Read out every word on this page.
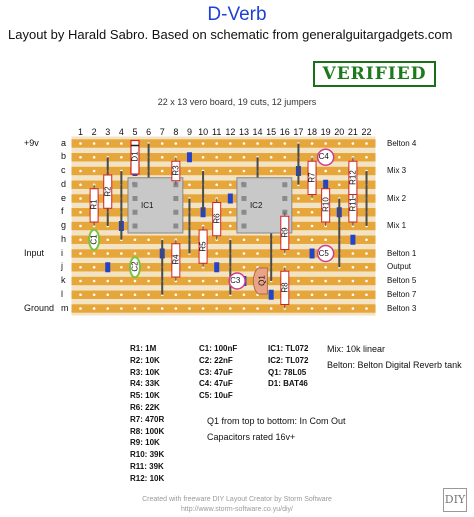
D-Verb
Layout by Harald Sabro. Based on schematic from generalguitargadgets.com
VERIFIED
22 x 13 vero board, 19 cuts, 12 jumpers
1 2 3 4 5 6 7 8 9 10 11 12 13 14 15 16 17 18 19 20 21 22
a
b
c
d
e
f
g
h
i
j
k
l
m
+9v
Input
Ground
Belton 4
Mix 3
Mix 2
Mix 1
Belton 1
Output
Belton 5
Belton 7
Belton 3
IC1	IC2
R1
R2
R3
R4
R5
R6
R7
R8
R9
R10 R11
R12
D1
C1
C2
C3
C4
C5
Q1
R1: 1M
R2: 10K
R3: 10K
R4: 33K
R5: 10K
R6: 22K
R7: 470R
R8: 100K
R9: 10K
R10: 39K
R11: 39K
R12: 10K
C1: 100nF
C2: 22nF
C3: 47uF
C4: 47uF
C5: 10uF
IC1: TL072
IC2: TL072
Q1: 78L05
D1: BAT46
Mix: 10k linear
Belton: Belton Digital Reverb tank
Q1 from top to bottom: In Com Out
Capacitors rated 16v+
Created with freeware DIY Layout Creator by Storm Software
http://www.storm-software.co.yu/diy/
DIY
